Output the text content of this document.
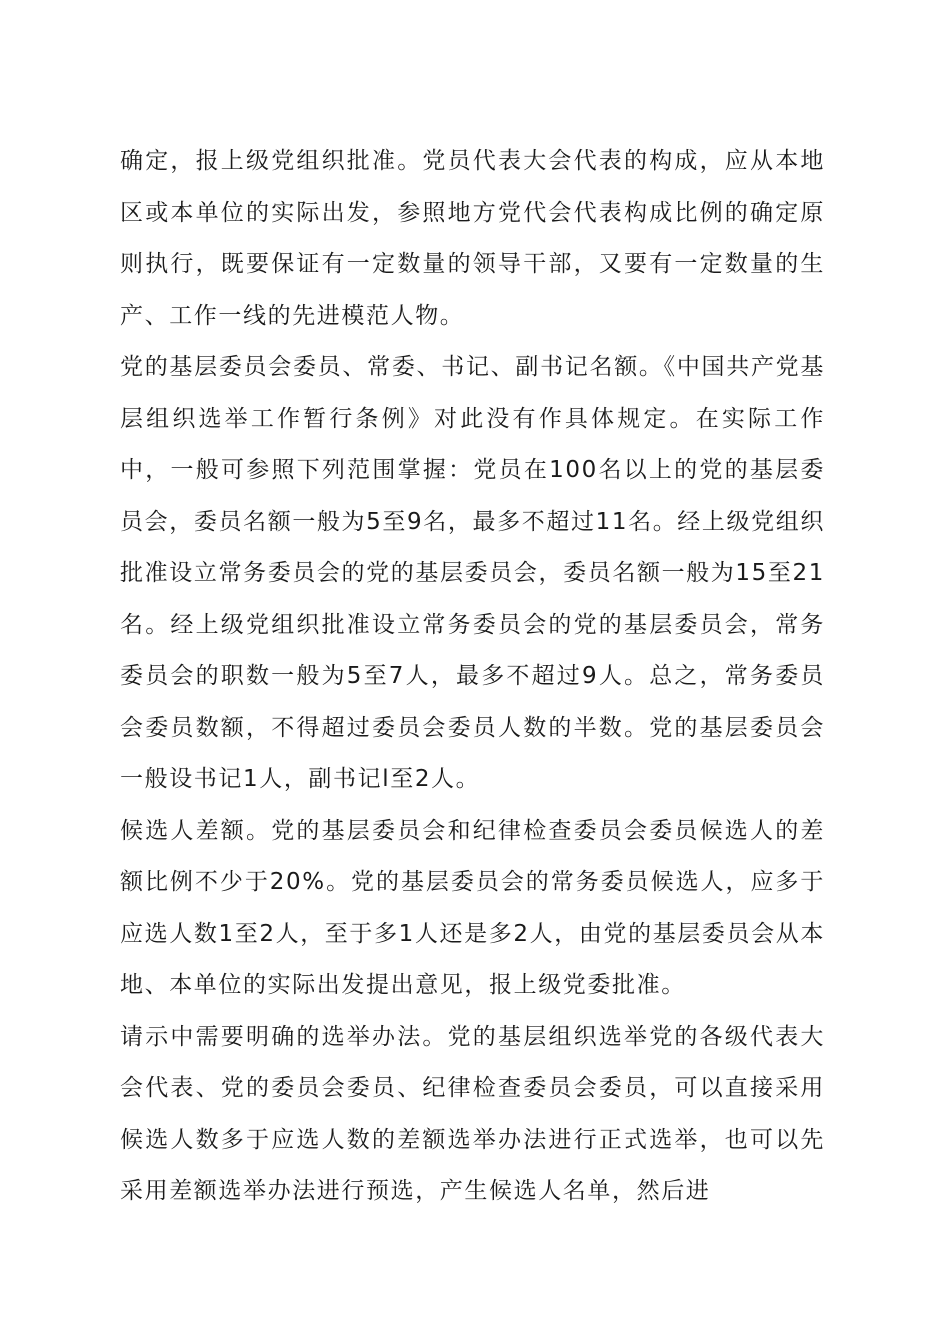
确定，报上级党组织批准。党员代表大会代表的构成，应从本地区或本单位的实际出发，参照地方党代会代表构成比例的确定原则执行，既要保证有一定数量的领导干部，又要有一定数量的生产、工作一线的先进模范人物。

党的基层委员会委员、常委、书记、副书记名额。《中国共产党基层组织选举工作暂行条例》对此没有作具体规定。在实际工作中，一般可参照下列范围掌握：党员在100名以上的党的基层委员会，委员名额一般为5至9名，最多不超过11名。经上级党组织批准设立常务委员会的党的基层委员会，委员名额一般为15至21名。经上级党组织批准设立常务委员会的党的基层委员会，常务委员会的职数一般为5至7人，最多不超过9人。总之，常务委员会委员数额，不得超过委员会委员人数的半数。党的基层委员会一般设书记1人，副书记l至2人。

候选人差额。党的基层委员会和纪律检查委员会委员候选人的差额比例不少于20%。党的基层委员会的常务委员候选人，应多于应选人数1至2人，至于多1人还是多2人，由党的基层委员会从本地、本单位的实际出发提出意见，报上级党委批准。

请示中需要明确的选举办法。党的基层组织选举党的各级代表大会代表、党的委员会委员、纪律检查委员会委员，可以直接采用候选人数多于应选人数的差额选举办法进行正式选举，也可以先采用差额选举办法进行预选，产生候选人名单，然后进
